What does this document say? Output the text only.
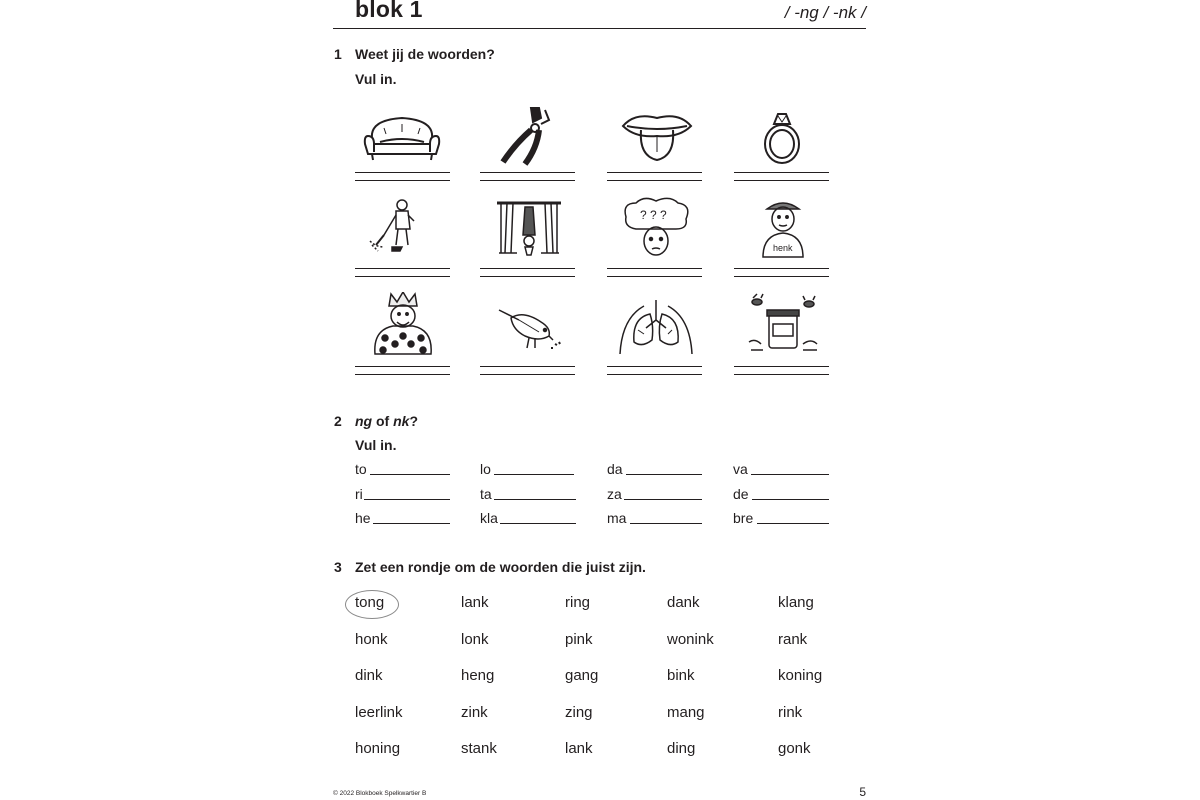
blok 1	/ -ng / -nk /
1 Weet jij de woorden?
Vul in.
? ? ?
henk
2 ng of nk?
Vul in.
to	lo	da	va
ri	ta	za	de
he	kla	ma	bre
3 Zet een rondje om de woorden die juist zijn.
tong	lank	ring	dank	klang
honk	lonk	pink	wonink	rank
dink	heng	gang	bink	koning
leerlink	zink	zing	mang	rink
honing	stank	lank	ding	gonk
© 2022 Blokboek Spelkwartier B	5
